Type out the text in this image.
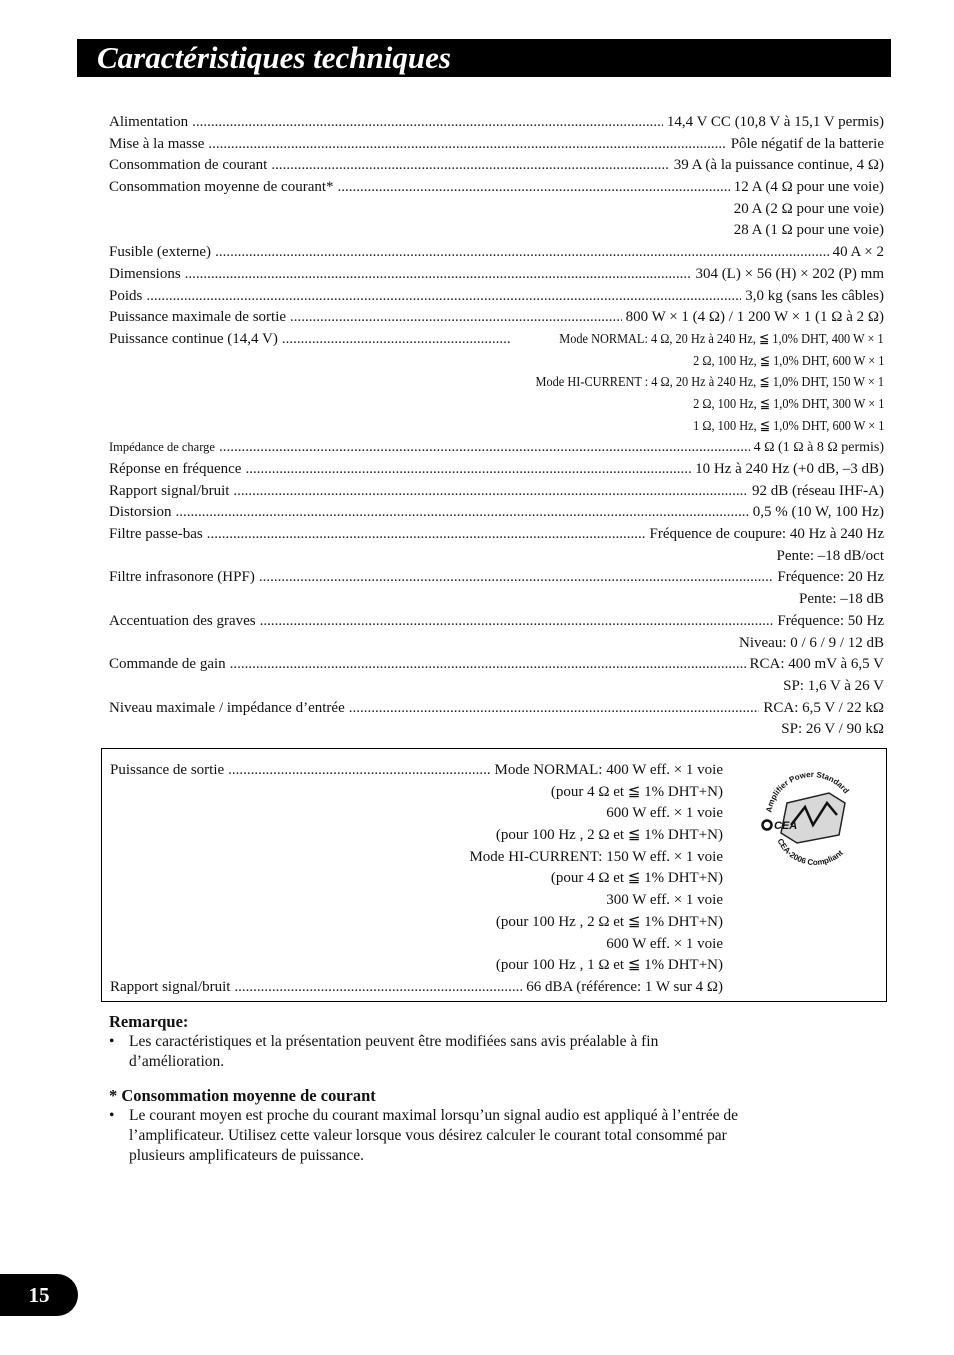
Caractéristiques techniques
Alimentation .....	14,4 V CC (10,8 V à 15,1 V permis)
Mise à la masse .....	Pôle négatif de la batterie
Consommation de courant .....	39 A (à la puissance continue, 4 Ω)
Consommation moyenne de courant* .....	12 A (4 Ω pour une voie)
20 A (2 Ω pour une voie)
28 A (1 Ω pour une voie)
Fusible (externe) .....	40 A × 2
Dimensions .....	304 (L) × 56 (H) × 202 (P) mm
Poids .....	3,0 kg (sans les câbles)
Puissance maximale de sortie .....	800 W × 1 (4 Ω) / 1 200 W × 1 (1 Ω à 2 Ω)
Puissance continue (14,4 V) .....	Mode NORMAL: 4 Ω, 20 Hz à 240 Hz, ≦ 1,0% DHT, 400 W × 1
2 Ω, 100 Hz, ≦ 1,0% DHT, 600 W × 1
Mode HI-CURRENT : 4 Ω, 20 Hz à 240 Hz, ≦ 1,0% DHT, 150 W × 1
2 Ω, 100 Hz, ≦ 1,0% DHT, 300 W × 1
1 Ω, 100 Hz, ≦ 1,0% DHT, 600 W × 1
Impédance de charge .....	4 Ω (1 Ω à 8 Ω permis)
Réponse en fréquence .....	10 Hz à 240 Hz (+0 dB, –3 dB)
Rapport signal/bruit .....	92 dB (réseau IHF-A)
Distorsion .....	0,5 % (10 W, 100 Hz)
Filtre passe-bas .....	Fréquence de coupure: 40 Hz à 240 Hz
Pente: –18 dB/oct
Filtre infrasonore (HPF) .....	Fréquence: 20 Hz
Pente: –18 dB
Accentuation des graves .....	Fréquence: 50 Hz
Niveau: 0 / 6 / 9 / 12 dB
Commande de gain .....	RCA: 400 mV à 6,5 V
SP: 1,6 V à 26 V
Niveau maximale / impédance d’entrée .....	RCA: 6,5 V / 22 kΩ
SP: 26 V / 90 kΩ
Puissance de sortie .....	Mode NORMAL: 400 W eff. × 1 voie
(pour 4 Ω et ≦ 1% DHT+N)
600 W eff. × 1 voie
(pour 100 Hz , 2 Ω et ≦ 1% DHT+N)
Mode HI-CURRENT: 150 W eff. × 1 voie
(pour 4 Ω et ≦ 1% DHT+N)
300 W eff. × 1 voie
(pour 100 Hz , 2 Ω et ≦ 1% DHT+N)
600 W eff. × 1 voie
(pour 100 Hz , 1 Ω et ≦ 1% DHT+N)
Rapport signal/bruit .....	66 dBA (référence: 1 W sur 4 Ω)
Amplifier Power Standard
CEA-2006 Compliant
CEA
Remarque:
• Les caractéristiques et la présentation peuvent être modifiées sans avis préalable à fin d’amélioration.
* Consommation moyenne de courant
• Le courant moyen est proche du courant maximal lorsqu’un signal audio est appliqué à l’entrée de l’amplificateur. Utilisez cette valeur lorsque vous désirez calculer le courant total consommé par plusieurs amplificateurs de puissance.
15
